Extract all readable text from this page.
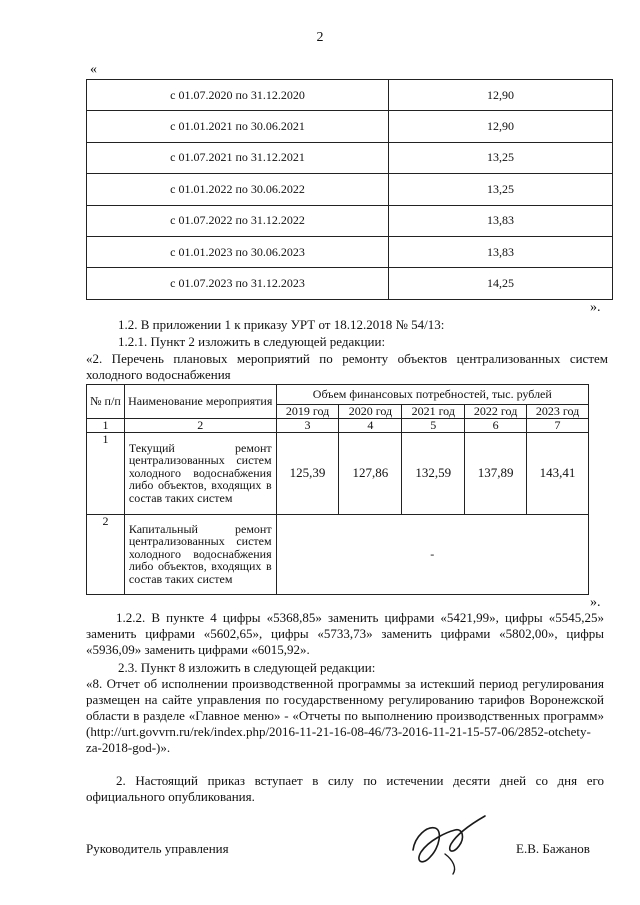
2
«
с 01.07.2020 по 31.12.2020	12,90
с 01.01.2021 по 30.06.2021	12,90
с 01.07.2021 по 31.12.2021	13,25
с 01.01.2022 по 30.06.2022	13,25
с 01.07.2022 по 31.12.2022	13,83
с 01.01.2023 по 30.06.2023	13,83
с 01.07.2023 по 31.12.2023	14,25
».
1.2. В приложении 1 к приказу УРТ от 18.12.2018 № 54/13:
1.2.1. Пункт 2 изложить в следующей редакции:
«2. Перечень плановых мероприятий по ремонту объектов централизованных систем холодного водоснабжения
№ п/п	Наименование мероприятия	Объем финансовых потребностей, тыс. рублей				
		2019 год	2020 год	2021 год	2022 год	2023 год
1	2	3	4	5	6	7
1	Текущий ремонт централизованных систем холодного водоснабжения либо объектов, входящих в состав таких систем	125,39	127,86	132,59	137,89	143,41
2	Капитальный ремонт централизованных систем холодного водоснабжения либо объектов, входящих в состав таких систем	-				
».
1.2.2. В пункте 4 цифры «5368,85» заменить цифрами «5421,99», цифры «5545,25» заменить цифрами «5602,65», цифры «5733,73» заменить цифрами «5802,00», цифры «5936,09» заменить цифрами «6015,92».
2.3. Пункт 8 изложить в следующей редакции:
«8. Отчет об исполнении производственной программы за истекший период регулирования размещен на сайте управления по государственному регулированию тарифов Воронежской области в разделе «Главное меню» - «Отчеты по выполнению производственных программ» (http://urt.govvrn.ru/rek/index.php/2016-11-21-16-08-46/73-2016-11-21-15-57-06/2852-otchety-za-2018-god-)».
2. Настоящий приказ вступает в силу по истечении десяти дней со дня его официального опубликования.
Руководитель управления	Е.В. Бажанов
